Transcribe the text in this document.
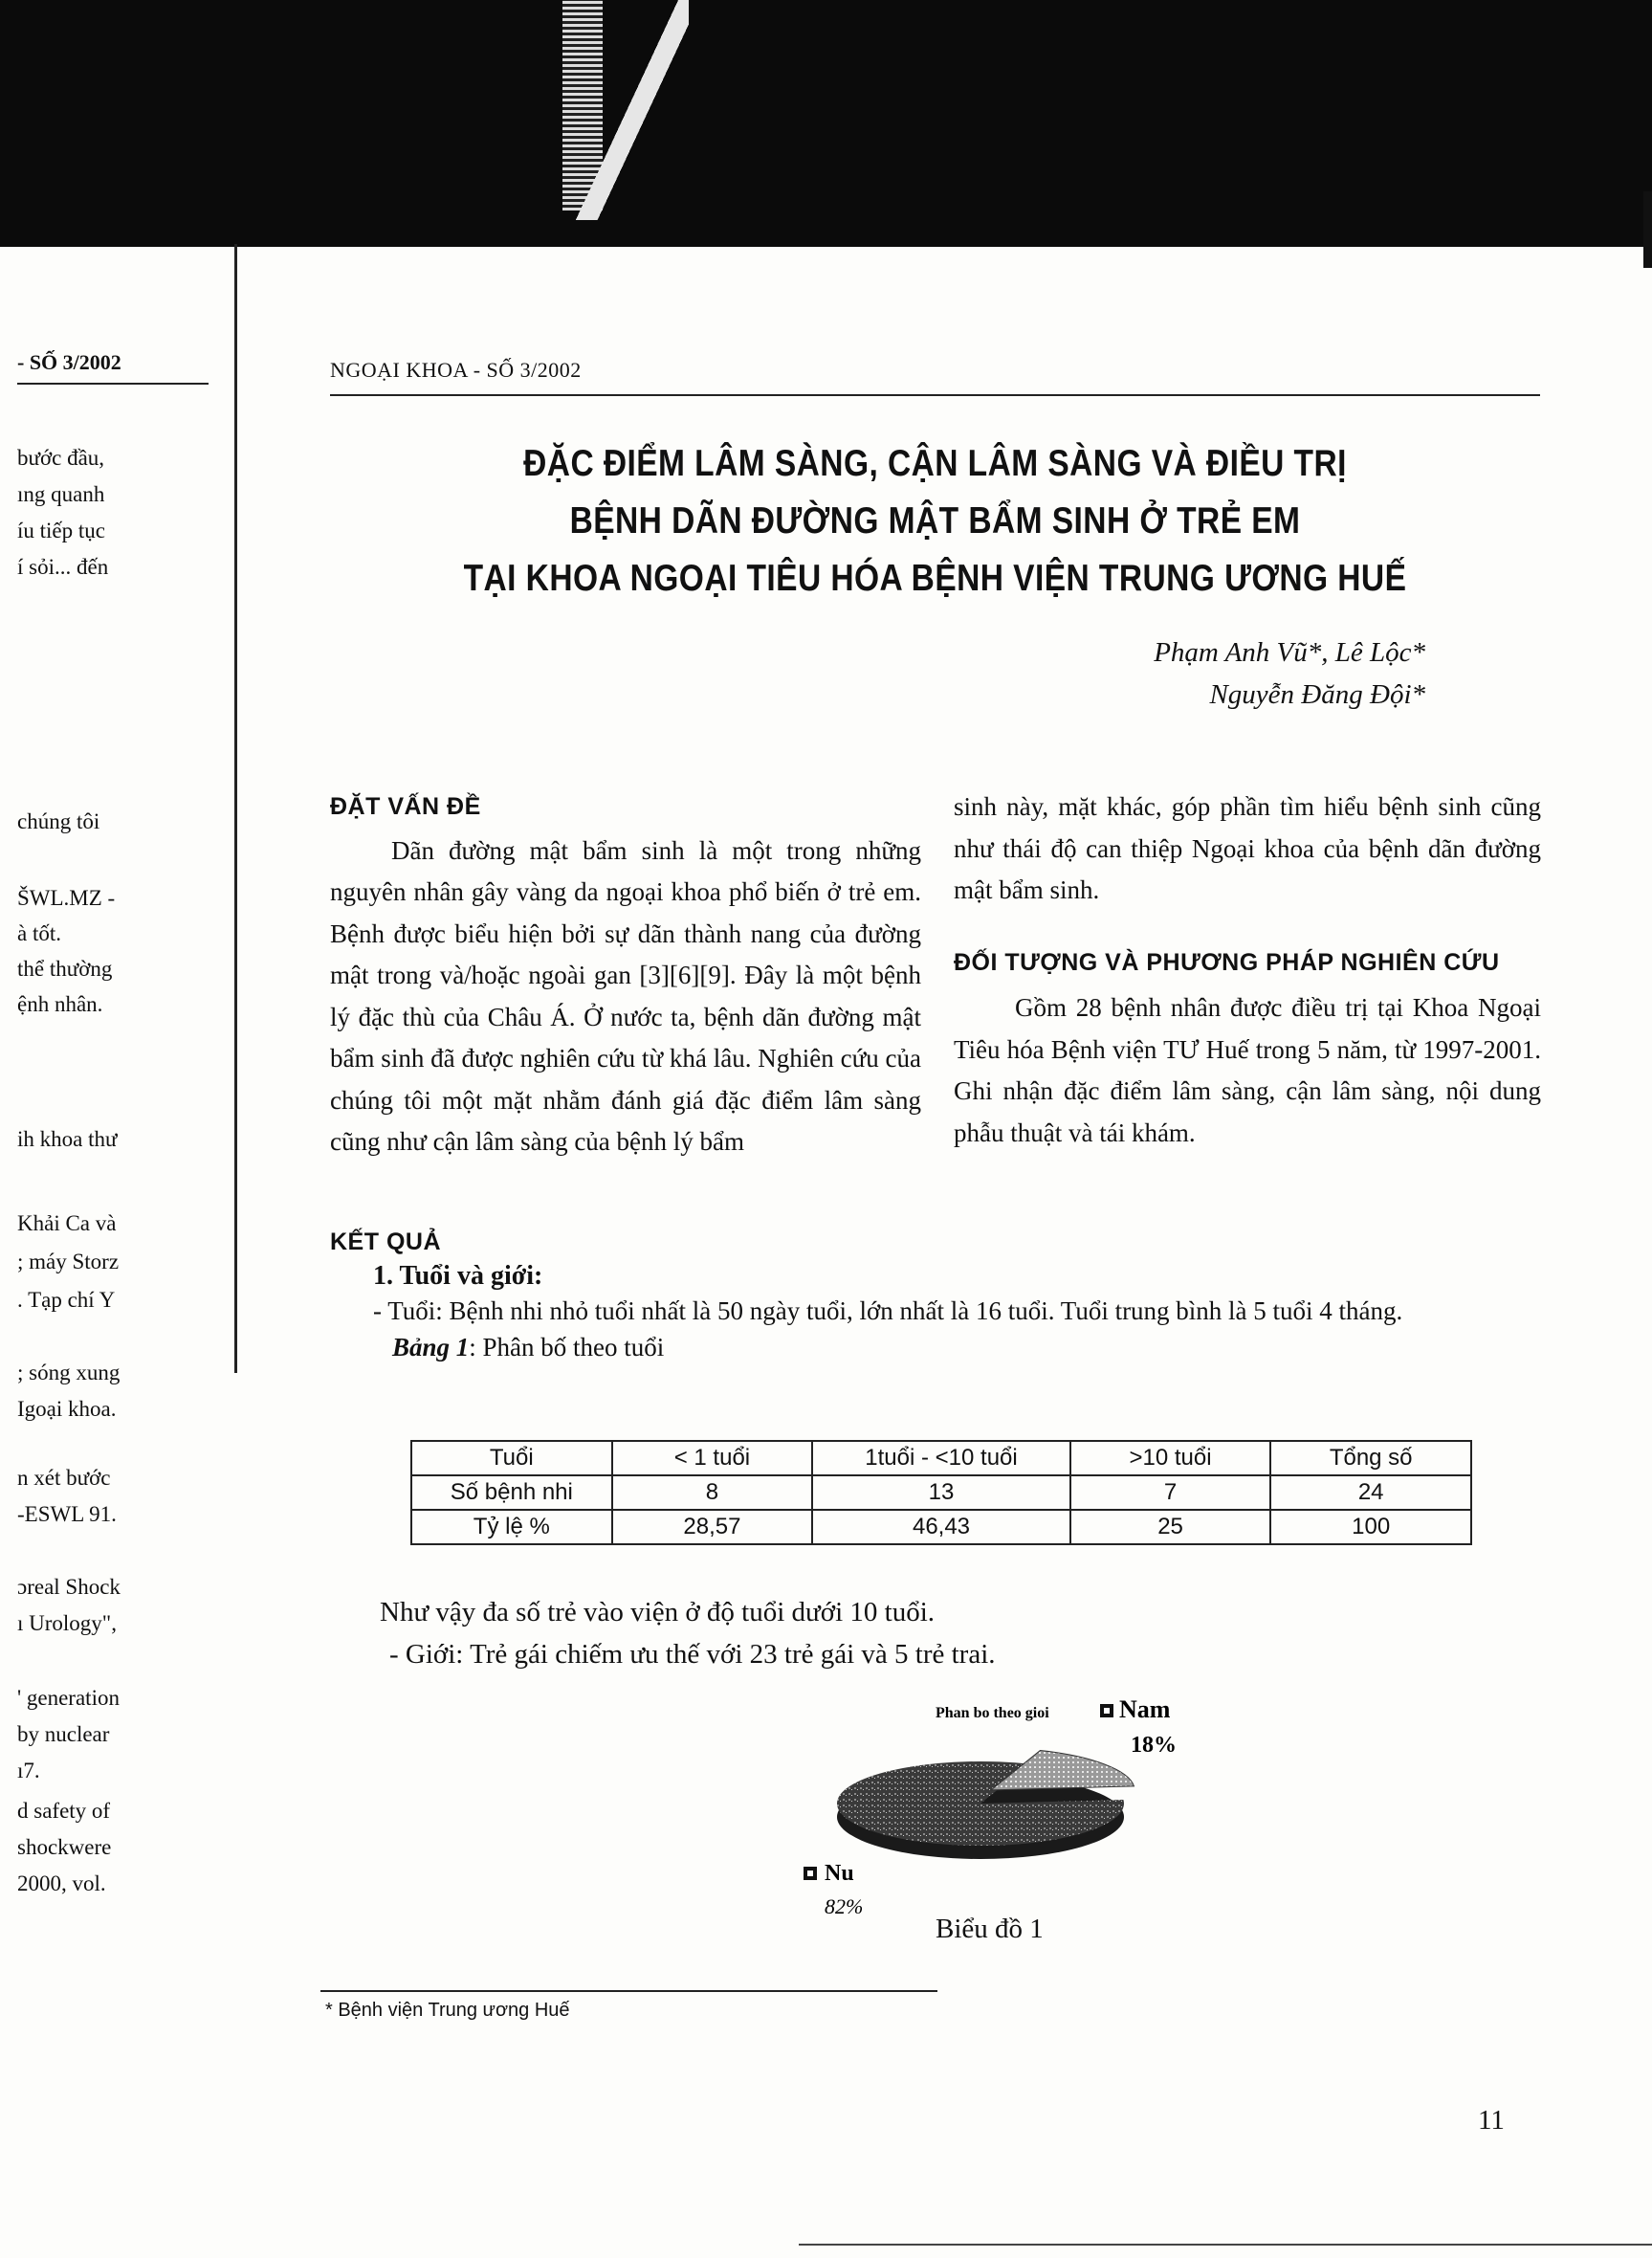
- SỐ 3/2002
bước đầu,
ıng quanh
íu tiếp tục
í sỏi... đến
chúng tôi
ŠWL.MZ -
à tốt.
thể thường
ệnh nhân.
ih khoa thư
Khải Ca và
; máy Storz
. Tạp chí Y
; sóng xung
Igoại khoa.
n xét bước
‐ESWL 91.
ɔreal Shock
ı Urology",
' generation
by nuclear
ı7.
d safety of
shockwere
2000, vol.
NGOẠI KHOA - SỐ 3/2002
ĐẶC ĐIỂM LÂM SÀNG, CẬN LÂM SÀNG VÀ ĐIỀU TRỊ
BỆNH DÃN ĐƯỜNG MẬT BẨM SINH Ở TRẺ EM
TẠI KHOA NGOẠI TIÊU HÓA BỆNH VIỆN TRUNG ƯƠNG HUẾ
Phạm Anh Vũ*, Lê Lộc*
Nguyễn Đăng Đội*
ĐẶT VẤN ĐỀ
Dãn đường mật bẩm sinh là một trong những nguyên nhân gây vàng da ngoại khoa phổ biến ở trẻ em. Bệnh được biểu hiện bởi sự dãn thành nang của đường mật trong và/hoặc ngoài gan [3][6][9]. Đây là một bệnh lý đặc thù của Châu Á. Ở nước ta, bệnh dãn đường mật bẩm sinh đã được nghiên cứu từ khá lâu. Nghiên cứu của chúng tôi một mặt nhằm đánh giá đặc điểm lâm sàng cũng như cận lâm sàng của bệnh lý bẩm
sinh này, mặt khác, góp phần tìm hiểu bệnh sinh cũng như thái độ can thiệp Ngoại khoa của bệnh dãn đường mật bẩm sinh.
ĐỐI TƯỢNG VÀ PHƯƠNG PHÁP NGHIÊN CỨU
Gồm 28 bệnh nhân được điều trị tại Khoa Ngoại Tiêu hóa Bệnh viện TƯ Huế trong 5 năm, từ 1997-2001. Ghi nhận đặc điểm lâm sàng, cận lâm sàng, nội dung phẫu thuật và tái khám.
KẾT QUẢ
1. Tuổi và giới:
- Tuổi: Bệnh nhi nhỏ tuổi nhất là 50 ngày tuổi, lớn nhất là 16 tuổi. Tuổi trung bình là 5 tuổi 4 tháng.
Bảng 1: Phân bố theo tuổi
Tuổi	< 1 tuổi	1tuổi - <10 tuổi	>10 tuổi	Tổng số
Số bệnh nhi	8	13	7	24
Tỷ lệ %	28,57	46,43	25	100
Như vậy đa số trẻ vào viện ở độ tuổi dưới 10 tuổi.
- Giới: Trẻ gái chiếm ưu thế với 23 trẻ gái và 5 trẻ trai.
Phan bo theo gioi	Nam
18%
Nu
82%
Biểu đồ 1
* Bệnh viện Trung ương Huế
11
